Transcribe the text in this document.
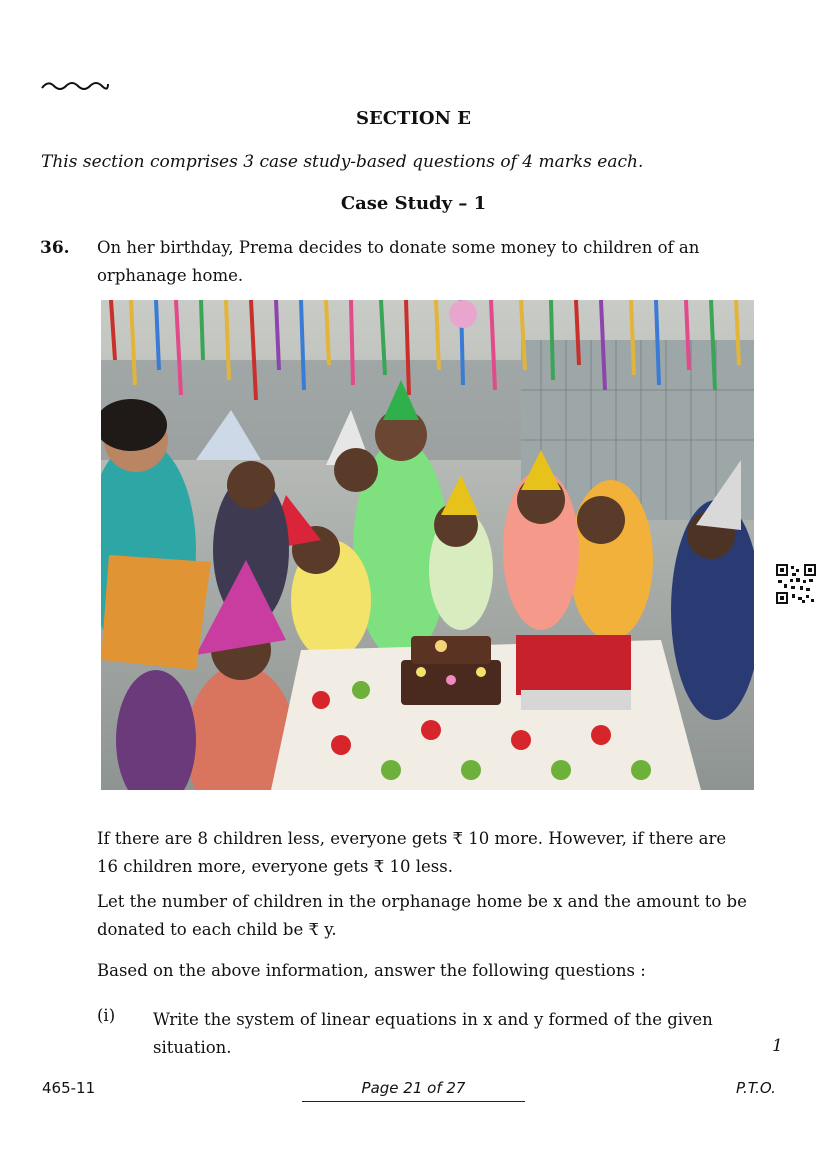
SECTION E
This section comprises 3 case study-based questions of 4 marks each.
Case Study – 1
36. On her birthday, Prema decides to donate some money to children of an orphanage home.
If there are 8 children less, everyone gets ₹ 10 more. However, if there are 16 children more, everyone gets ₹ 10 less.
Let the number of children in the orphanage home be x and the amount to be donated to each child be ₹ y.
Based on the above information, answer the following questions :
(i) Write the system of linear equations in x and y formed of the given situation.	1
465-11	Page 21 of 27	P.T.O.
